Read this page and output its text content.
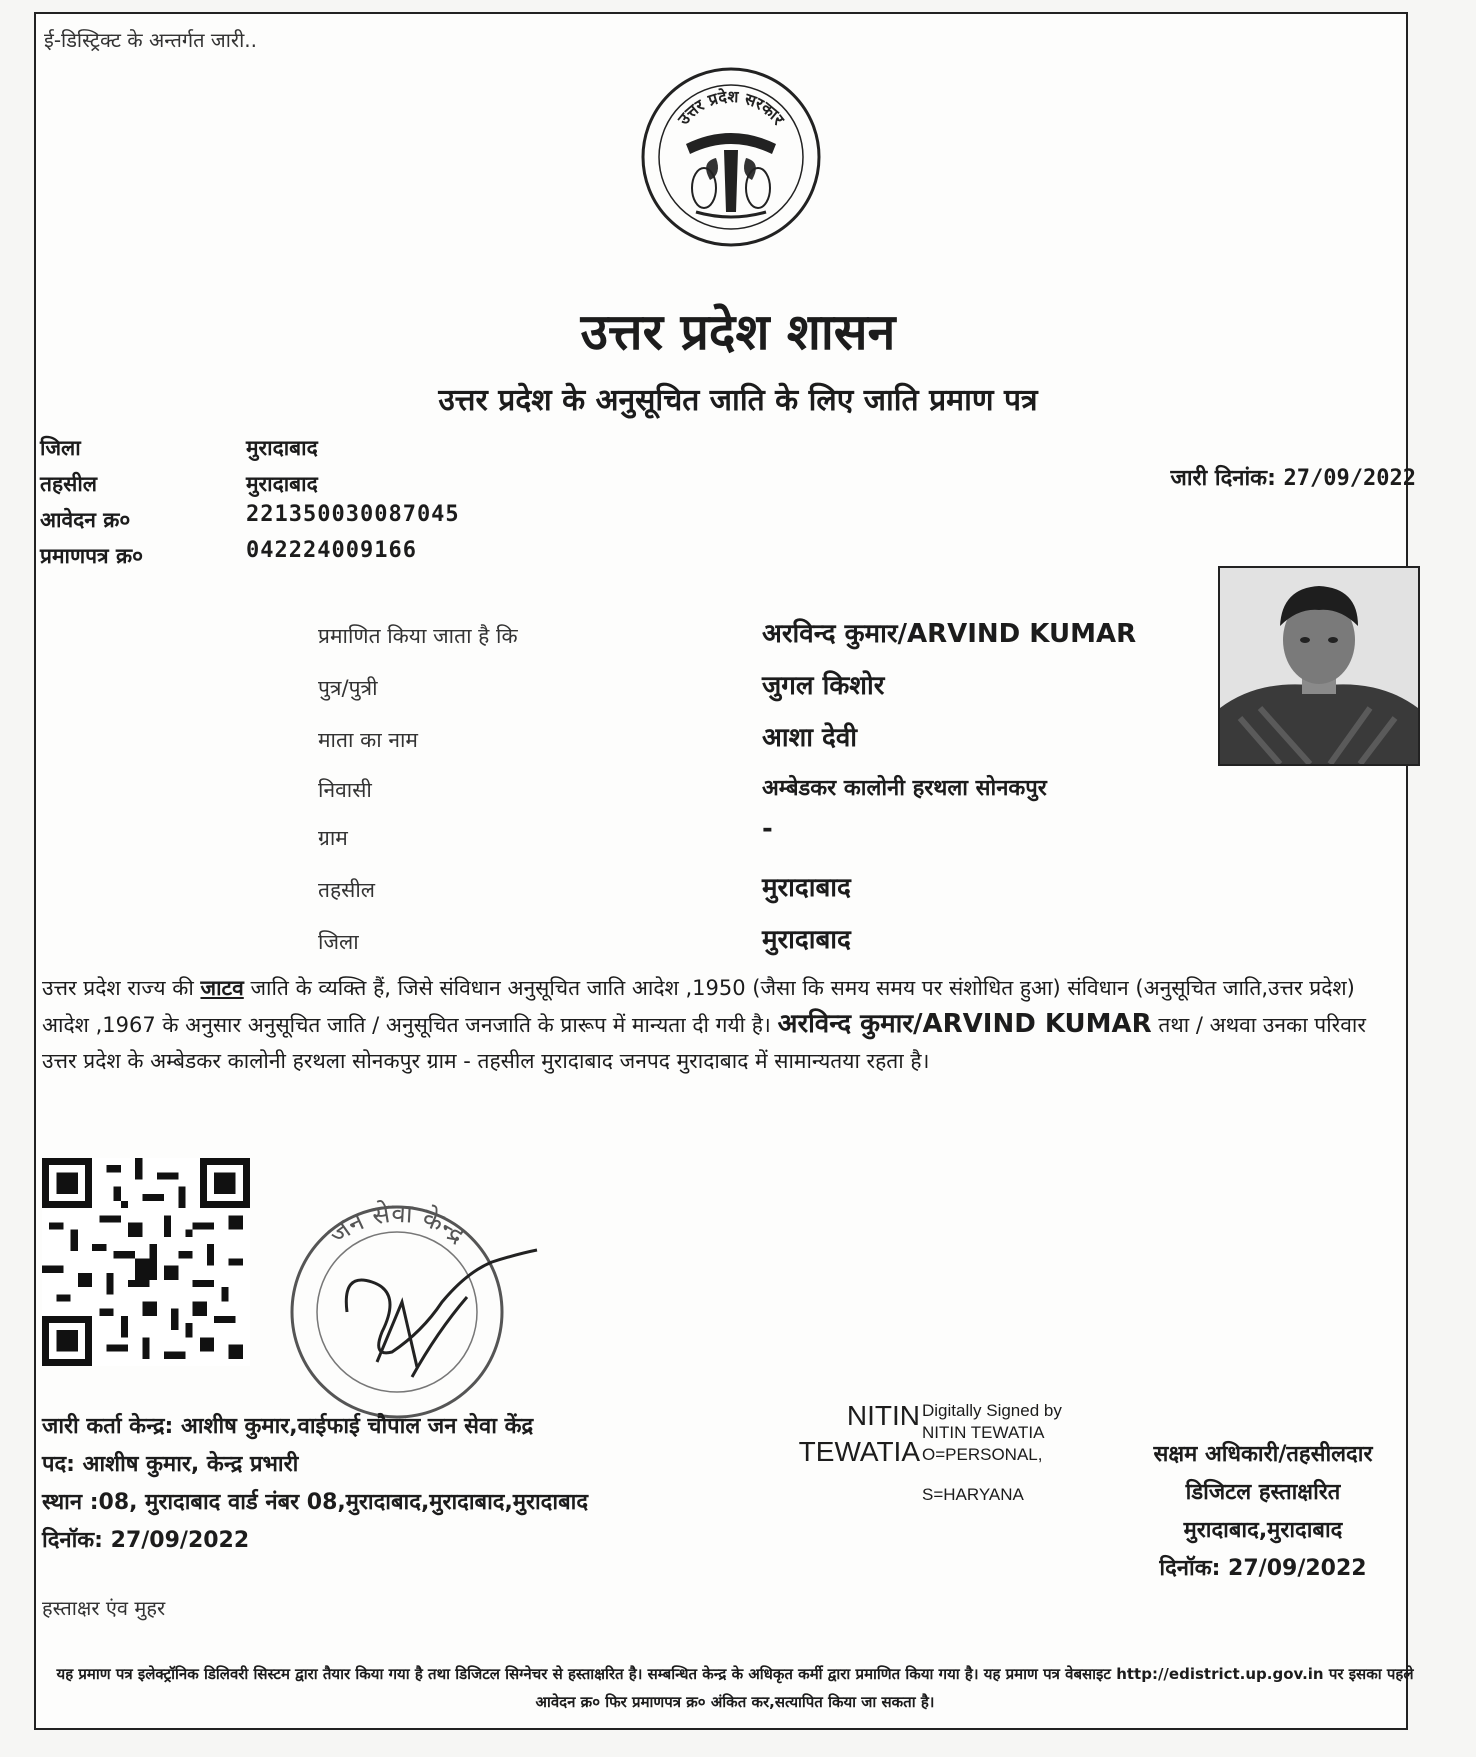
ई-डिस्ट्रिक्ट के अन्तर्गत जारी..
उत्तर प्रदेश सरकार
उत्तर प्रदेश शासन
उत्तर प्रदेश के अनुसूचित जाति के लिए जाति प्रमाण पत्र
जिला	मुरादाबाद
तहसील	मुरादाबाद
आवेदन क्र०	221350030087045
प्रमाणपत्र क्र०	042224009166
जारी दिनांक: 27/09/2022
प्रमाणित किया जाता है कि	अरविन्द कुमार/ARVIND KUMAR
पुत्र/पुत्री	जुगल किशोर
माता का नाम	आशा देवी
निवासी	अम्बेडकर कालोनी हरथला सोनकपुर
ग्राम	-
तहसील	मुरादाबाद
जिला	मुरादाबाद
उत्तर प्रदेश राज्य की जाटव जाति के व्यक्ति हैं, जिसे संविधान अनुसूचित जाति आदेश ,1950 (जैसा कि समय समय पर संशोधित हुआ) संविधान (अनुसूचित जाति,उत्तर प्रदेश) आदेश ,1967 के अनुसार अनुसूचित जाति / अनुसूचित जनजाति के प्रारूप में मान्यता दी गयी है। अरविन्द कुमार/ARVIND KUMAR तथा / अथवा उनका परिवार उत्तर प्रदेश के अम्बेडकर कालोनी हरथला सोनकपुर ग्राम - तहसील मुरादाबाद जनपद मुरादाबाद में सामान्यतया रहता है।
जन सेवा केन्द्र
जारी कर्ता केन्द्र: आशीष कुमार,वाईफाई चौपाल जन सेवा केंद्र
पद: आशीष कुमार, केन्द्र प्रभारी
स्थान :08, मुरादाबाद वार्ड नंबर 08,मुरादाबाद,मुरादाबाद,मुरादाबाद
दिनॉक: 27/09/2022
NITIN
TEWATIA
Digitally Signed by
NITIN TEWATIA
O=PERSONAL,
S=HARYANA
सक्षम अधिकारी/तहसीलदार
डिजिटल हस्ताक्षरित
मुरादाबाद,मुरादाबाद
दिनॉक: 27/09/2022
हस्ताक्षर एंव मुहर
यह प्रमाण पत्र इलेक्ट्रॉनिक डिलिवरी सिस्टम द्वारा तैयार किया गया है तथा डिजिटल सिग्नेचर से हस्ताक्षरित है। सम्बन्धित केन्द्र के अधिकृत कर्मी द्वारा प्रमाणित किया गया है। यह प्रमाण पत्र वेबसाइट http://edistrict.up.gov.in पर इसका पहले आवेदन क्र० फिर प्रमाणपत्र क्र० अंकित कर,सत्यापित किया जा सकता है।
